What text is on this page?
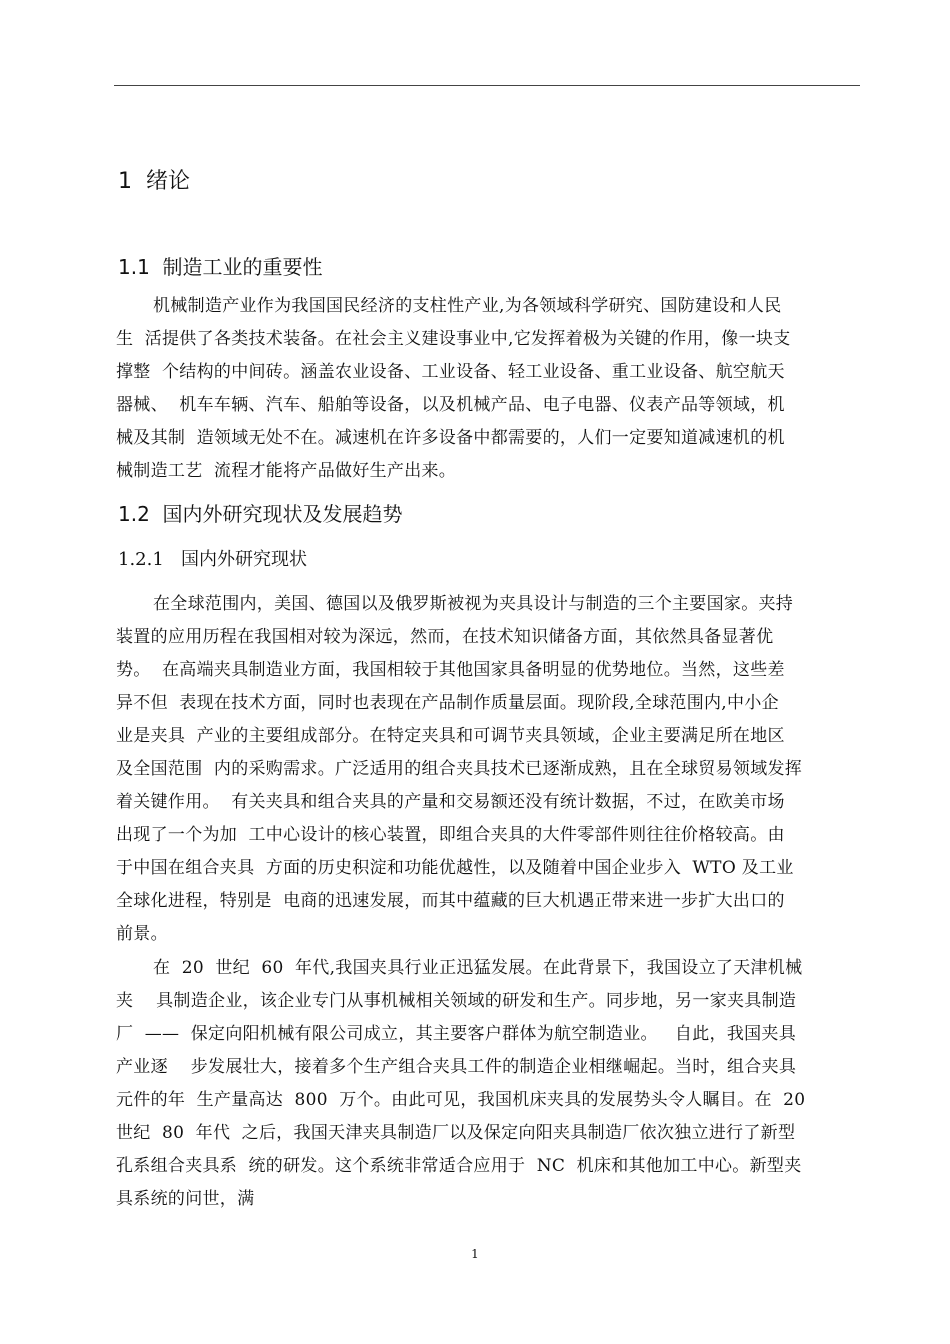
1  绪论
1.1  制造工业的重要性
机械制造产业作为我国国民经济的支柱性产业,为各领域科学研究、国防建设和人民
生  活提供了各类技术装备。在社会主义建设事业中,它发挥着极为关键的作用，像一块支
撑整  个结构的中间砖。涵盖农业设备、工业设备、轻工业设备、重工业设备、航空航天
器械、  机车车辆、汽车、船舶等设备，以及机械产品、电子电器、仪表产品等领域，机
械及其制  造领域无处不在。减速机在许多设备中都需要的，人们一定要知道减速机的机
械制造工艺  流程才能将产品做好生产出来。
1.2  国内外研究现状及发展趋势
1.2.1   国内外研究现状
在全球范围内，美国、德国以及俄罗斯被视为夹具设计与制造的三个主要国家。夹持
装置的应用历程在我国相对较为深远，然而，在技术知识储备方面，其依然具备显著优
势。  在高端夹具制造业方面，我国相较于其他国家具备明显的优势地位。当然，这些差
异不但  表现在技术方面，同时也表现在产品制作质量层面。现阶段,全球范围内,中小企
业是夹具  产业的主要组成部分。在特定夹具和可调节夹具领域，企业主要满足所在地区
及全国范围  内的采购需求。广泛适用的组合夹具技术已逐渐成熟，且在全球贸易领域发挥
着关键作用。  有关夹具和组合夹具的产量和交易额还没有统计数据，不过，在欧美市场
出现了一个为加  工中心设计的核心装置，即组合夹具的大件零部件则往往价格较高。由
于中国在组合夹具  方面的历史积淀和功能优越性，以及随着中国企业步入  WTO 及工业
全球化进程，特别是  电商的迅速发展，而其中蕴藏的巨大机遇正带来进一步扩大出口的
前景。
在  20  世纪  60  年代,我国夹具行业正迅猛发展。在此背景下，我国设立了天津机械
夹    具制造企业，该企业专门从事机械相关领域的研发和生产。同步地，另一家夹具制造
厂  ——  保定向阳机械有限公司成立，其主要客户群体为航空制造业。   自此，我国夹具
产业逐    步发展壮大，接着多个生产组合夹具工件的制造企业相继崛起。当时，组合夹具
元件的年  生产量高达  800  万个。由此可见，我国机床夹具的发展势头令人瞩目。在  20
世纪  80  年代  之后，我国天津夹具制造厂以及保定向阳夹具制造厂依次独立进行了新型
孔系组合夹具系  统的研发。这个系统非常适合应用于  NC  机床和其他加工中心。新型夹
具系统的问世，满
1
